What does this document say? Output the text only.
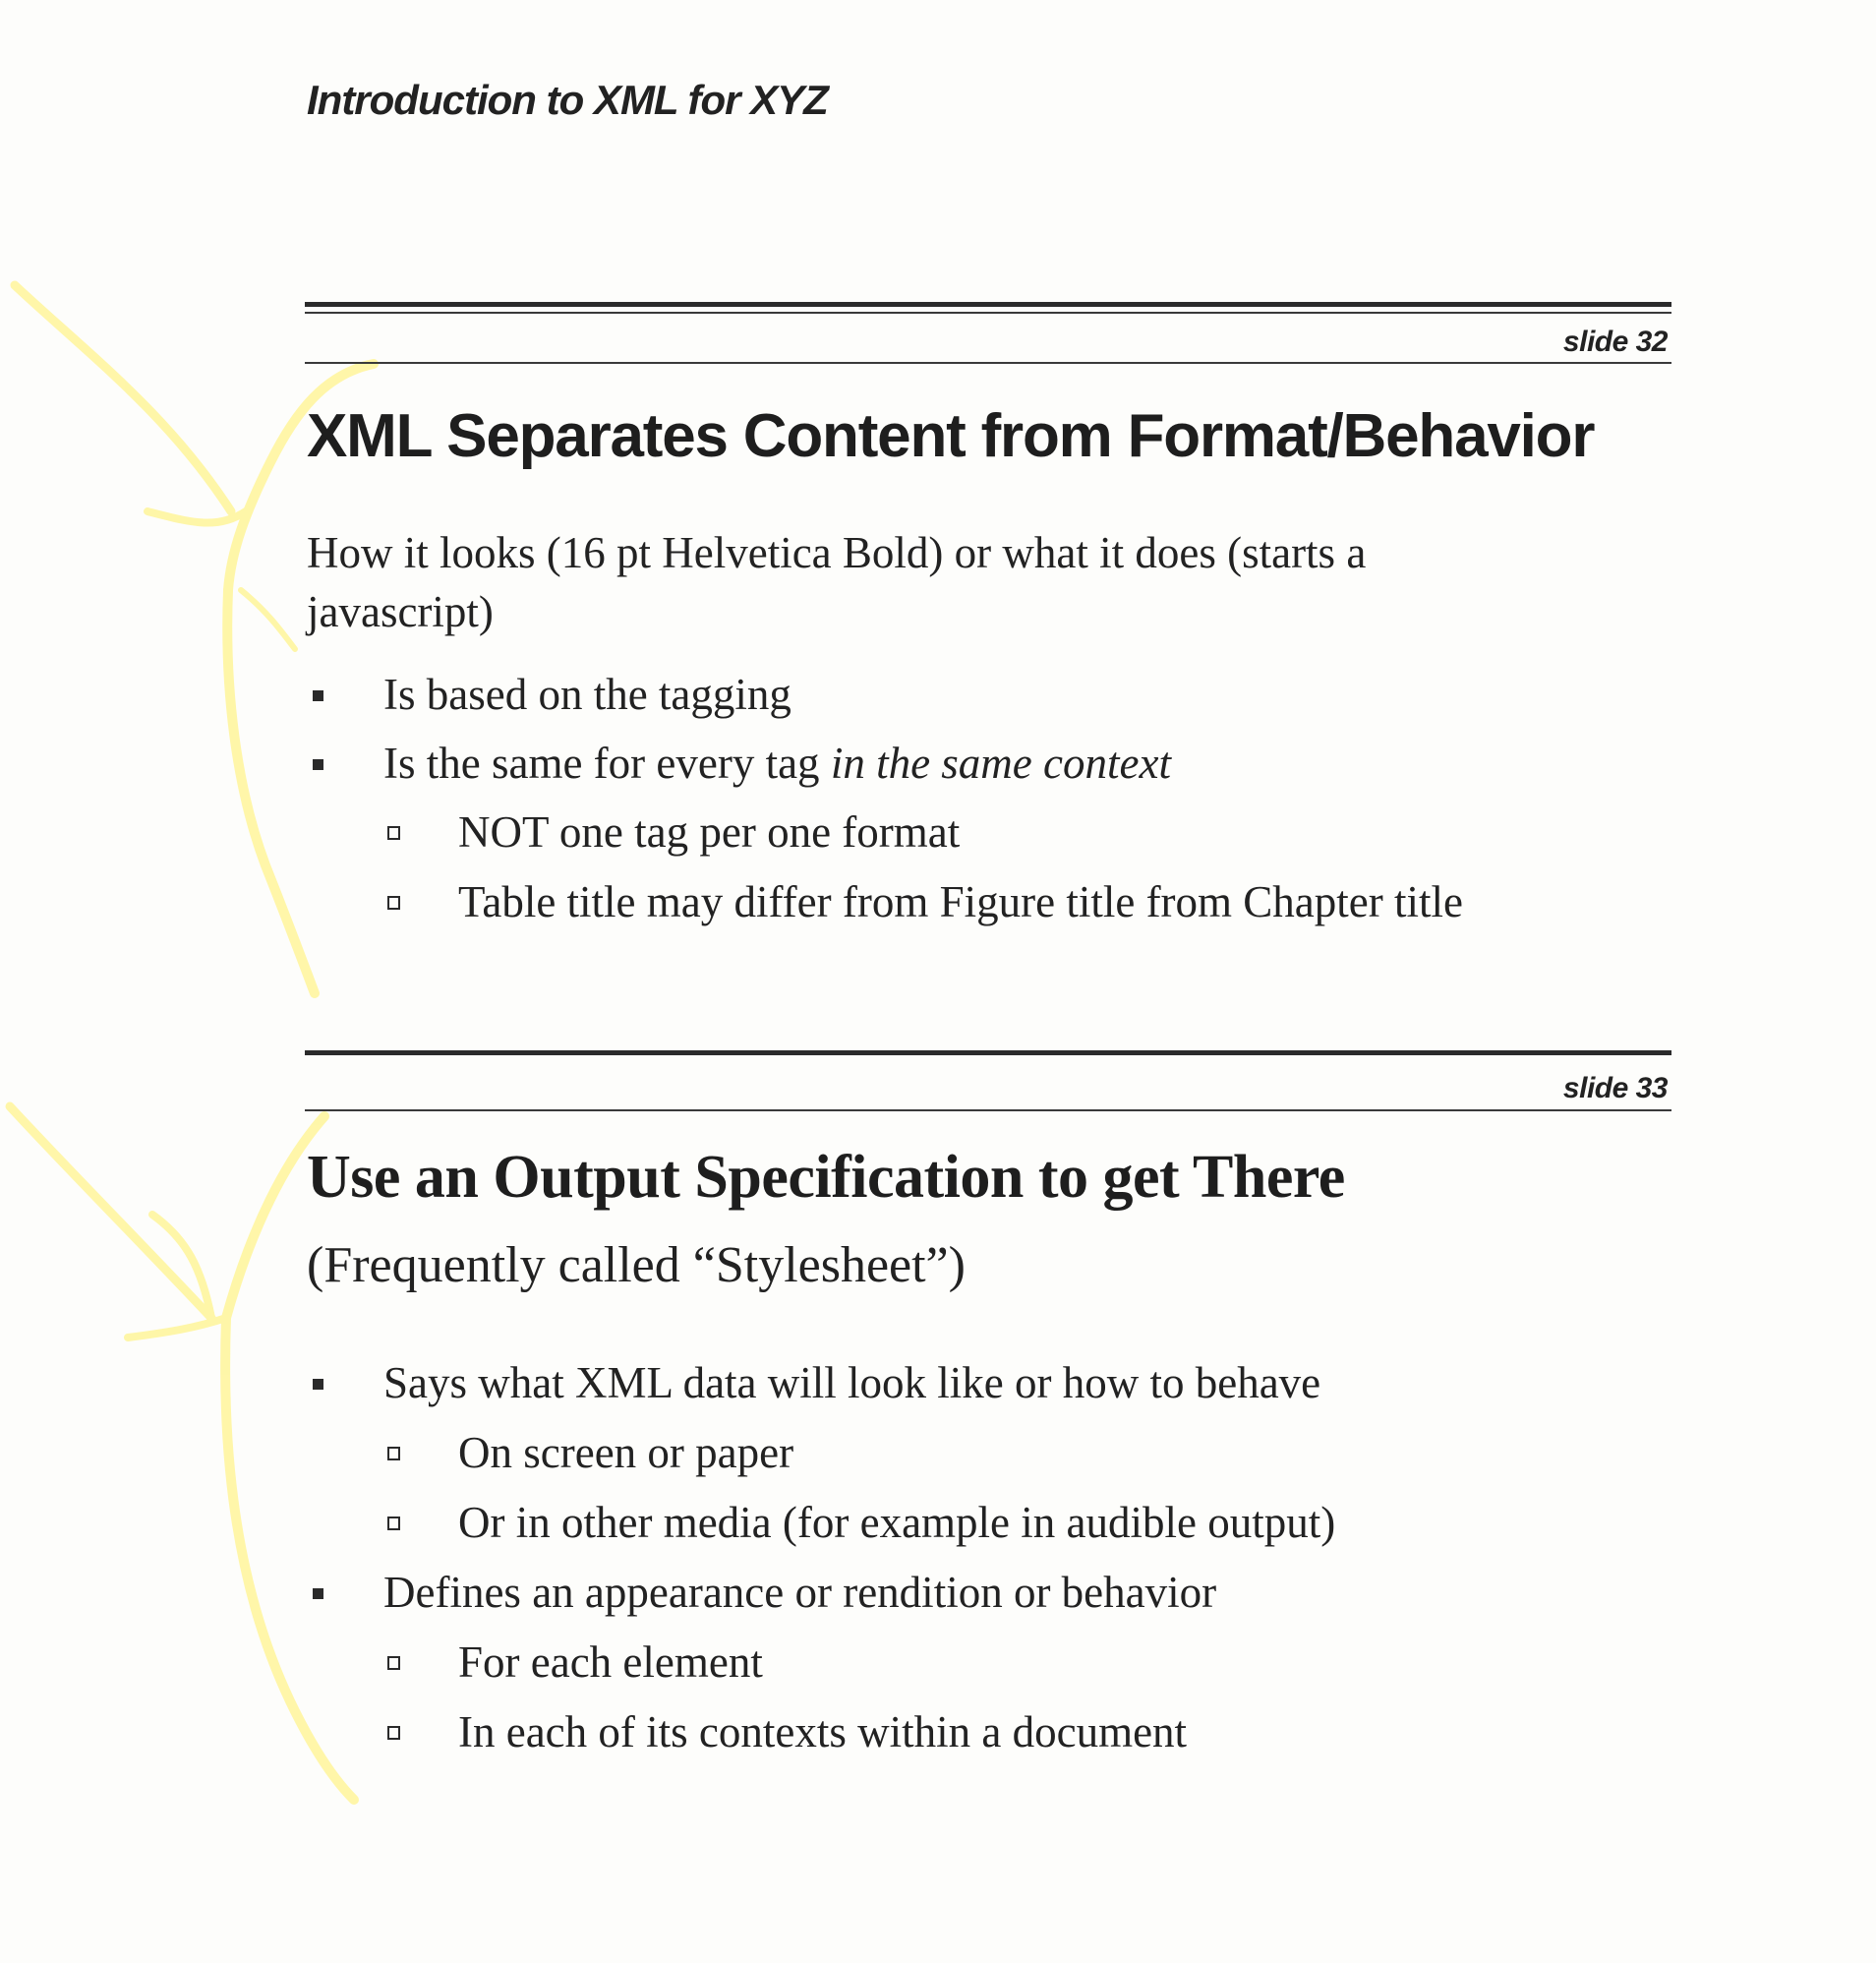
Introduction to XML for XYZ
slide 32
XML Separates Content from Format/Behavior

How it looks (16 pt Helvetica Bold) or what it does (starts a javascript)

Is based on the tagging
Is the same for every tag in the same context
NOT one tag per one format
Table title may differ from Figure title from Chapter title
slide 33
Use an Output Specification to get There

(Frequently called “Stylesheet”)

Says what XML data will look like or how to behave
On screen or paper
Or in other media (for example in audible output)
Defines an appearance or rendition or behavior
For each element
In each of its contexts within a document
